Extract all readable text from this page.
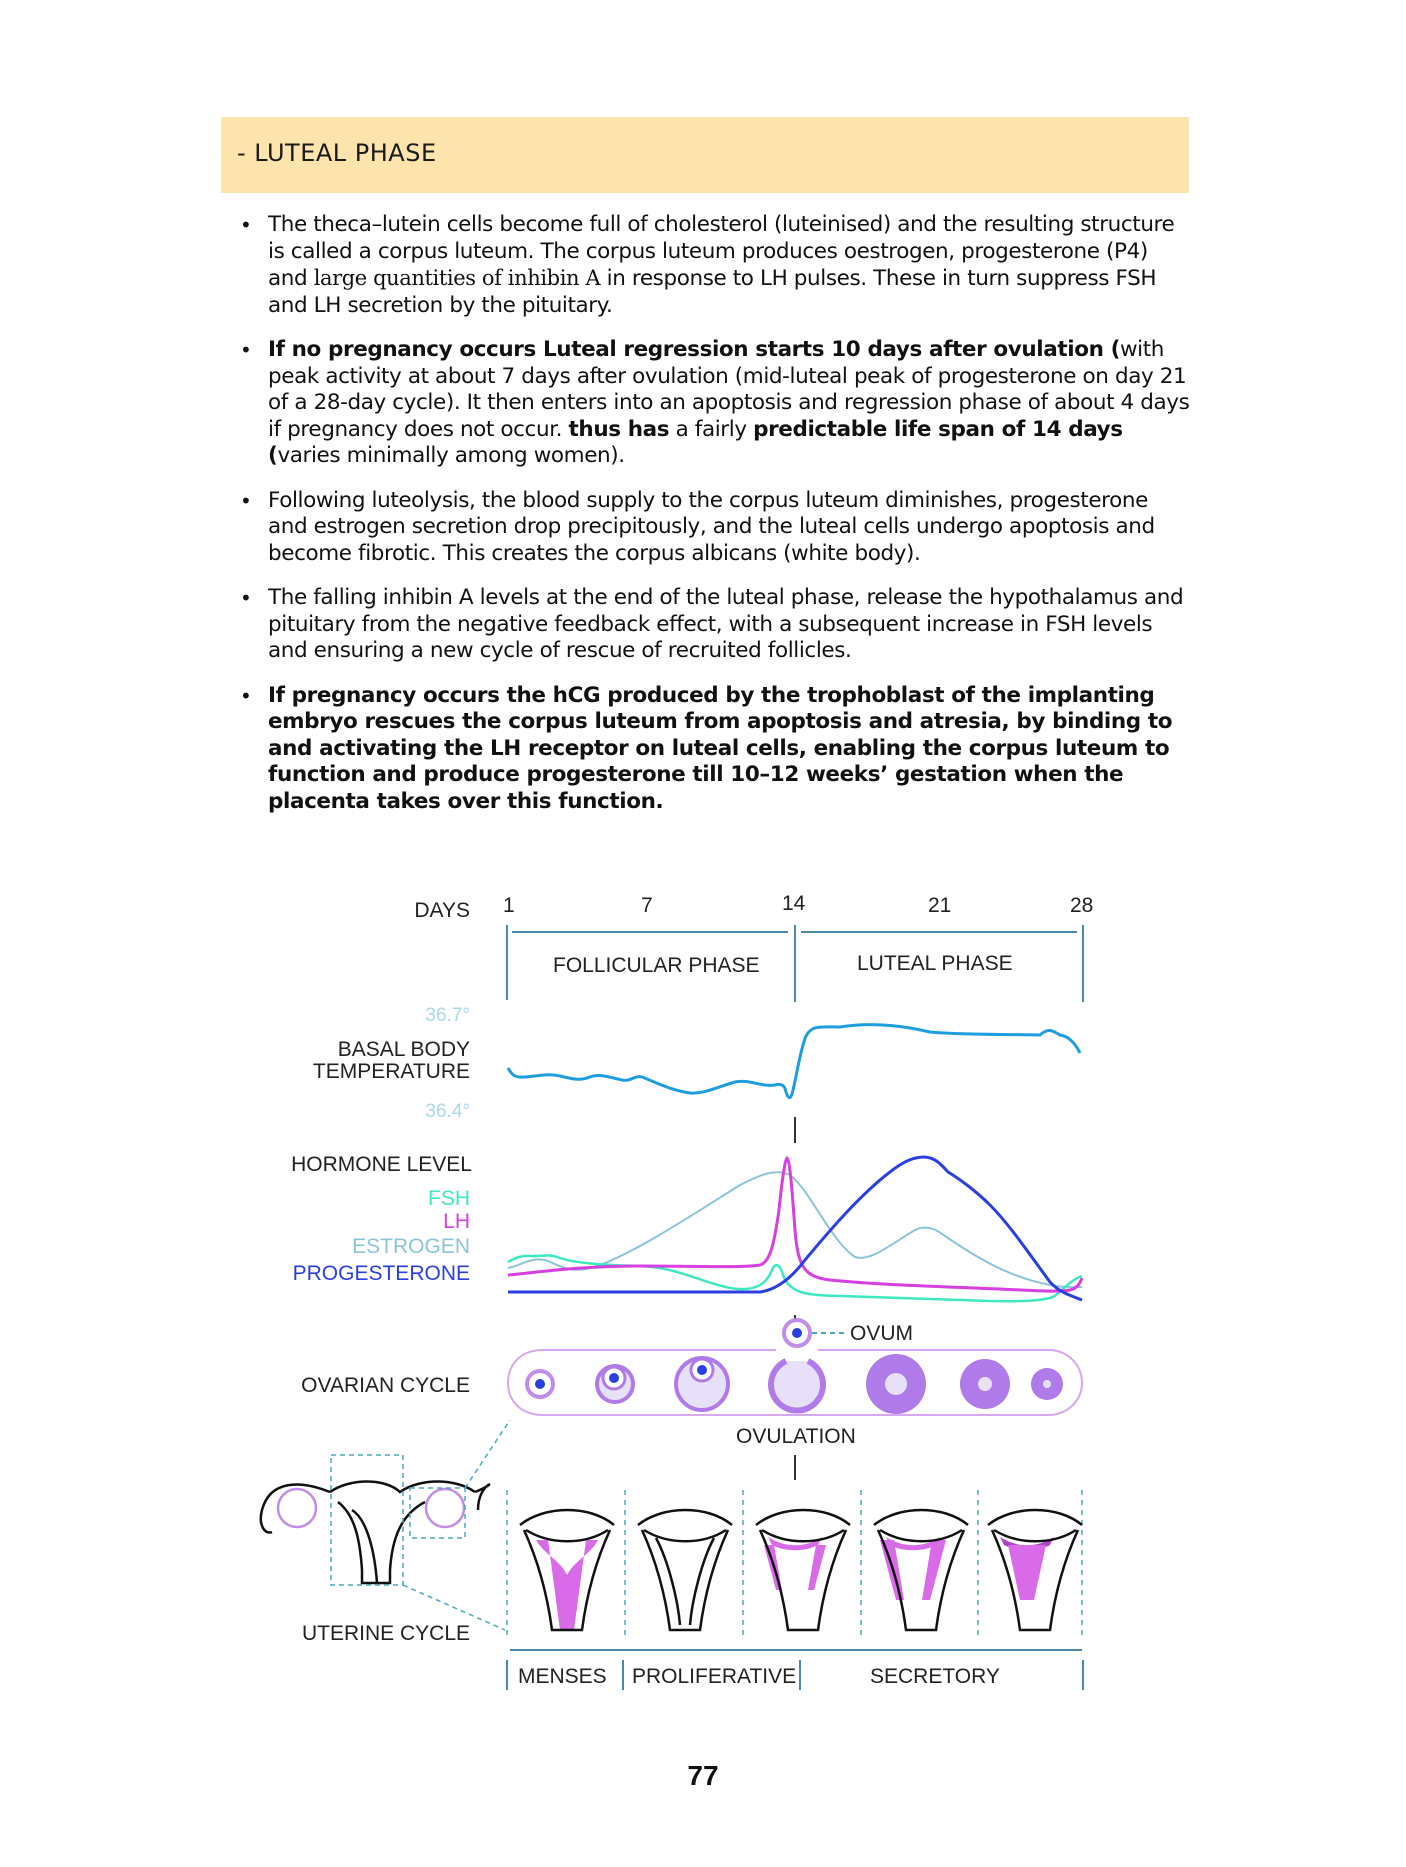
- LUTEAL PHASE
• The theca–lutein cells become full of cholesterol (luteinised) and the resulting structure is called a corpus luteum. The corpus luteum produces oestrogen, progesterone (P4) and large quantities of inhibin A in response to LH pulses. These in turn suppress FSH and LH secretion by the pituitary.
• If no pregnancy occurs Luteal regression starts 10 days after ovulation (with peak activity at about 7 days after ovulation (mid-luteal peak of progesterone on day 21 of a 28-day cycle). It then enters into an apoptosis and regression phase of about 4 days if pregnancy does not occur. thus has a fairly predictable life span of 14 days (varies minimally among women).
• Following luteolysis, the blood supply to the corpus luteum diminishes, progesterone and estrogen secretion drop precipitously, and the luteal cells undergo apoptosis and become fibrotic. This creates the corpus albicans (white body).
• The falling inhibin A levels at the end of the luteal phase, release the hypothalamus and pituitary from the negative feedback effect, with a subsequent increase in FSH levels and ensuring a new cycle of rescue of recruited follicles.
• If pregnancy occurs the hCG produced by the trophoblast of the implanting embryo rescues the corpus luteum from apoptosis and atresia, by binding to and activating the LH receptor on luteal cells, enabling the corpus luteum to function and produce progesterone till 10–12 weeks’ gestation when the placenta takes over this function.
DAYS 1	7	14	21	28
FOLLICULAR PHASE	LUTEAL PHASE
36.7°
BASAL BODY
TEMPERATURE
36.4°
HORMONE LEVEL
FSH
LH
ESTROGEN
PROGESTERONE
OVARIAN CYCLE
OVUM
OVULATION
UTERINE CYCLE
MENSES PROLIFERATIVE	SECRETORY
77
